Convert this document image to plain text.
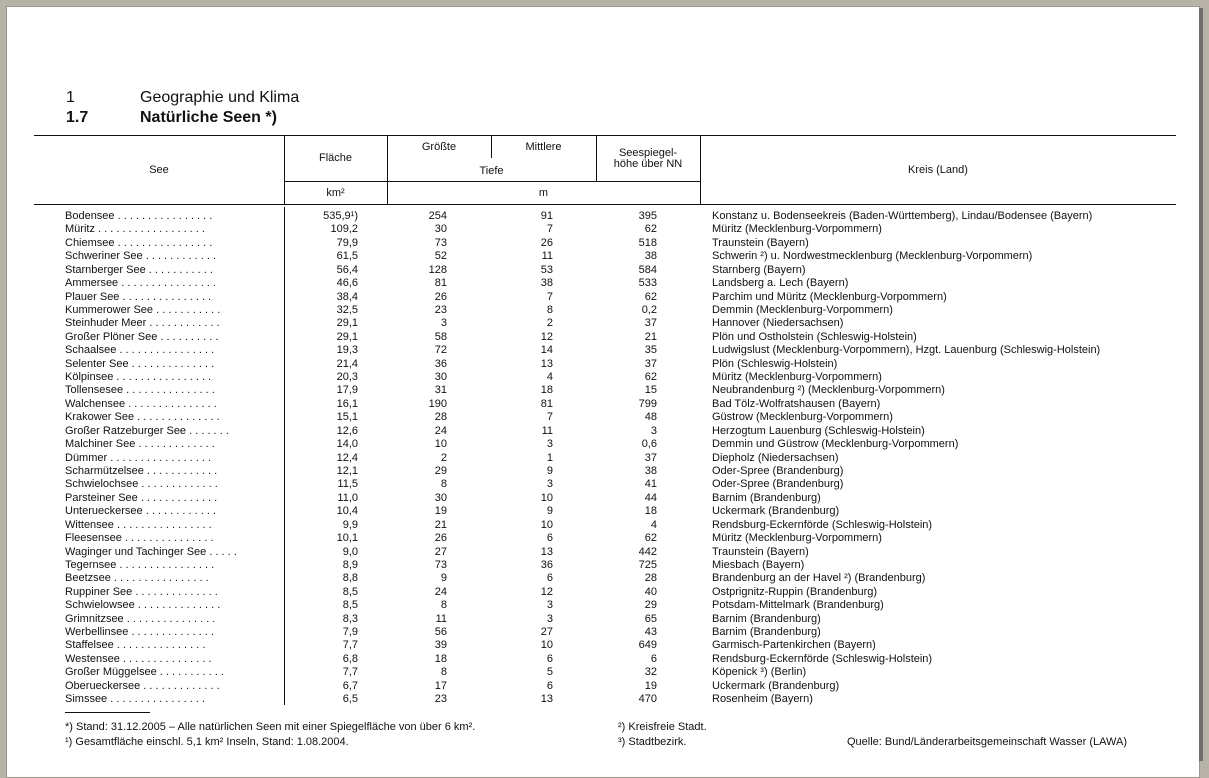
1	Geographie und Klima
1.7	Natürliche Seen *)
See
Fläche
Größte	Mittlere
Tiefe
Seespiegel-
höhe über NN	Kreis (Land)
km²	m
Bodensee . . . . . . . . . . . . . . . .	535,9¹)	254	91	395	Konstanz u. Bodenseekreis (Baden-Württemberg), Lindau/Bodensee (Bayern)
Müritz . . . . . . . . . . . . . . . . . .	109,2	30	7	62	Müritz (Mecklenburg-Vorpommern)
Chiemsee . . . . . . . . . . . . . . . .	79,9	73	26	518	Traunstein (Bayern)
Schweriner See . . . . . . . . . . . .	61,5	52	11	38	Schwerin ²) u. Nordwestmecklenburg (Mecklenburg-Vorpommern)
Starnberger See . . . . . . . . . . .	56,4	128	53	584	Starnberg (Bayern)
Ammersee . . . . . . . . . . . . . . . .	46,6	81	38	533	Landsberg a. Lech (Bayern)
Plauer See . . . . . . . . . . . . . . .	38,4	26	7	62	Parchim und Müritz (Mecklenburg-Vorpommern)
Kummerower See . . . . . . . . . . .	32,5	23	8	0,2	Demmin (Mecklenburg-Vorpommern)
Steinhuder Meer . . . . . . . . . . . .	29,1	3	2	37	Hannover (Niedersachsen)
Großer Plöner See . . . . . . . . . .	29,1	58	12	21	Plön und Ostholstein (Schleswig-Holstein)
Schaalsee . . . . . . . . . . . . . . . .	19,3	72	14	35	Ludwigslust (Mecklenburg-Vorpommern), Hzgt. Lauenburg (Schleswig-Holstein)
Selenter See . . . . . . . . . . . . . .	21,4	36	13	37	Plön (Schleswig-Holstein)
Kölpinsee . . . . . . . . . . . . . . . .	20,3	30	4	62	Müritz (Mecklenburg-Vorpommern)
Tollensesee . . . . . . . . . . . . . . .	17,9	31	18	15	Neubrandenburg ²) (Mecklenburg-Vorpommern)
Walchensee . . . . . . . . . . . . . . .	16,1	190	81	799	Bad Tölz-Wolfratshausen (Bayern)
Krakower See . . . . . . . . . . . . . .	15,1	28	7	48	Güstrow (Mecklenburg-Vorpommern)
Großer Ratzeburger See . . . . . . .	12,6	24	11	3	Herzogtum Lauenburg (Schleswig-Holstein)
Malchiner See . . . . . . . . . . . . .	14,0	10	3	0,6	Demmin und Güstrow (Mecklenburg-Vorpommern)
Dümmer . . . . . . . . . . . . . . . . .	12,4	2	1	37	Diepholz (Niedersachsen)
Scharmützelsee . . . . . . . . . . . .	12,1	29	9	38	Oder-Spree (Brandenburg)
Schwielochsee . . . . . . . . . . . . .	11,5	8	3	41	Oder-Spree (Brandenburg)
Parsteiner See . . . . . . . . . . . . .	11,0	30	10	44	Barnim (Brandenburg)
Unterueckersee . . . . . . . . . . . .	10,4	19	9	18	Uckermark (Brandenburg)
Wittensee . . . . . . . . . . . . . . . .	9,9	21	10	4	Rendsburg-Eckernförde (Schleswig-Holstein)
Fleesensee . . . . . . . . . . . . . . .	10,1	26	6	62	Müritz (Mecklenburg-Vorpommern)
Waginger und Tachinger See . . . . .	9,0	27	13	442	Traunstein (Bayern)
Tegernsee . . . . . . . . . . . . . . . .	8,9	73	36	725	Miesbach (Bayern)
Beetzsee . . . . . . . . . . . . . . . .	8,8	9	6	28	Brandenburg an der Havel ²) (Brandenburg)
Ruppiner See . . . . . . . . . . . . . .	8,5	24	12	40	Ostprignitz-Ruppin (Brandenburg)
Schwielowsee . . . . . . . . . . . . . .	8,5	8	3	29	Potsdam-Mittelmark (Brandenburg)
Grimnitzsee . . . . . . . . . . . . . . .	8,3	11	3	65	Barnim (Brandenburg)
Werbellinsee . . . . . . . . . . . . . .	7,9	56	27	43	Barnim (Brandenburg)
Staffelsee . . . . . . . . . . . . . . .	7,7	39	10	649	Garmisch-Partenkirchen (Bayern)
Westensee . . . . . . . . . . . . . . .	6,8	18	6	6	Rendsburg-Eckernförde (Schleswig-Holstein)
Großer Müggelsee . . . . . . . . . . .	7,7	8	5	32	Köpenick ³) (Berlin)
Oberueckersee . . . . . . . . . . . . .	6,7	17	6	19	Uckermark (Brandenburg)
Simssee . . . . . . . . . . . . . . . .	6,5	23	13	470	Rosenheim (Bayern)
*) Stand: 31.12.2005 – Alle natürlichen Seen mit einer Spiegelfläche von über 6 km².
¹) Gesamtfläche einschl. 5,1 km² Inseln, Stand: 1.08.2004.
²) Kreisfreie Stadt.
³) Stadtbezirk.	Quelle: Bund/Länderarbeitsgemeinschaft Wasser (LAWA)
